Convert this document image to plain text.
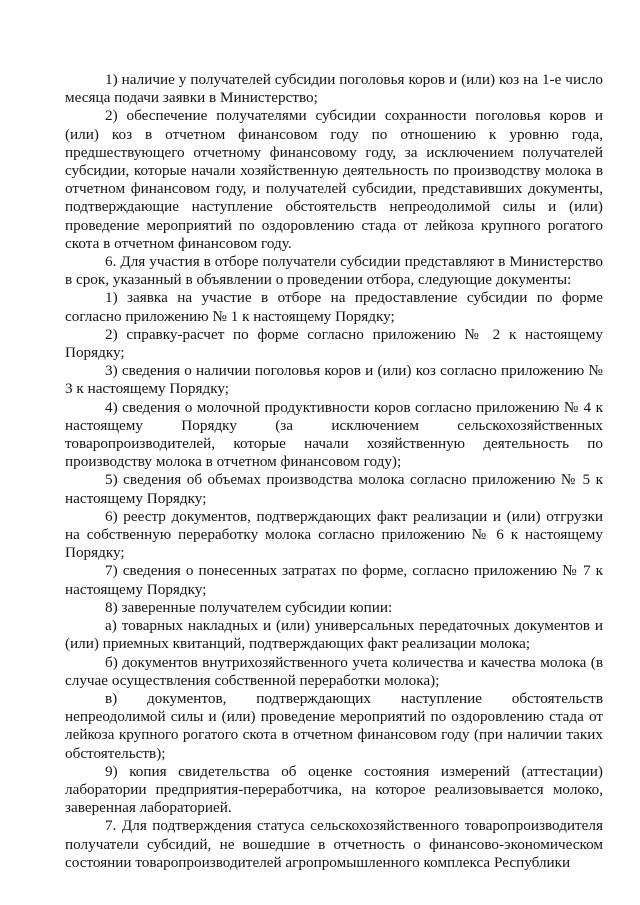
1) наличие у получателей субсидии поголовья коров и (или) коз на 1-е число месяца подачи заявки в Министерство;

2) обеспечение получателями субсидии сохранности поголовья коров и (или) коз в отчетном финансовом году по отношению к уровню года, предшествующего отчетному финансовому году, за исключением получателей субсидии, которые начали хозяйственную деятельность по производству молока в отчетном финансовом году, и получателей субсидии, представивших документы, подтверждающие наступление обстоятельств непреодолимой силы и (или) проведение мероприятий по оздоровлению стада от лейкоза крупного рогатого скота в отчетном финансовом году.

6. Для участия в отборе получатели субсидии представляют в Министерство в срок, указанный в объявлении о проведении отбора, следующие документы:

1) заявка на участие в отборе на предоставление субсидии по форме согласно приложению № 1 к настоящему Порядку;

2) справку-расчет по форме согласно приложению № 2 к настоящему Порядку;

3) сведения о наличии поголовья коров и (или) коз согласно приложению № 3 к настоящему Порядку;

4) сведения о молочной продуктивности коров согласно приложению № 4 к настоящему Порядку (за исключением сельскохозяйственных товаропроизводителей, которые начали хозяйственную деятельность по производству молока в отчетном финансовом году);

5) сведения об объемах производства молока согласно приложению № 5 к настоящему Порядку;

6) реестр документов, подтверждающих факт реализации и (или) отгрузки на собственную переработку молока согласно приложению № 6 к настоящему Порядку;

7) сведения о понесенных затратах по форме, согласно приложению № 7 к настоящему Порядку;

8) заверенные получателем субсидии копии:

а) товарных накладных и (или) универсальных передаточных документов и (или) приемных квитанций, подтверждающих факт реализации молока;

б) документов внутрихозяйственного учета количества и качества молока (в случае осуществления собственной переработки молока);

в) документов, подтверждающих наступление обстоятельств непреодолимой силы и (или) проведение мероприятий по оздоровлению стада от лейкоза крупного рогатого скота в отчетном финансовом году (при наличии таких обстоятельств);

9) копия свидетельства об оценке состояния измерений (аттестации) лаборатории предприятия-переработчика, на которое реализовывается молоко, заверенная лабораторией.

7. Для подтверждения статуса сельскохозяйственного товаропроизводителя получатели субсидий, не вошедшие в отчетность о финансово-экономическом состоянии товаропроизводителей агропромышленного комплекса Республики
